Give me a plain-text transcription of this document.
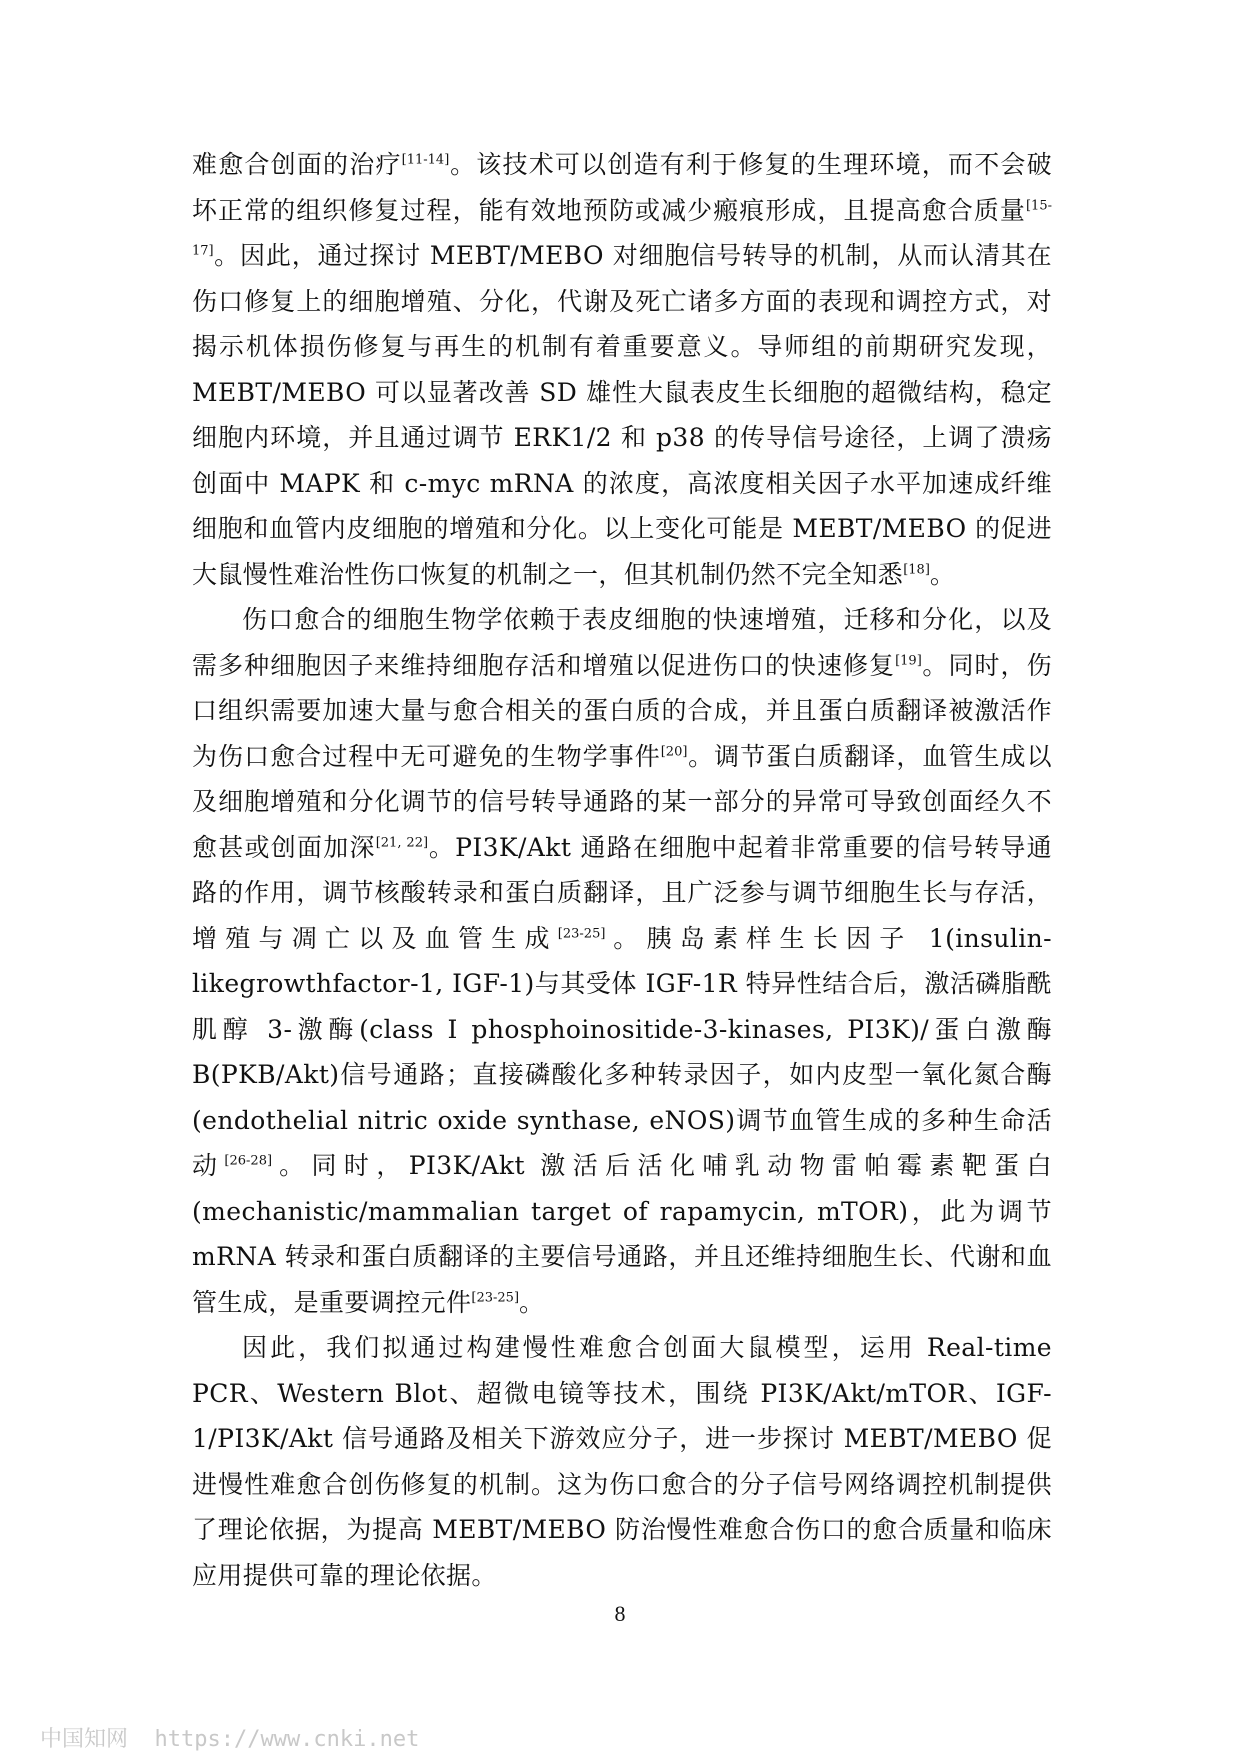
难愈合创面的治疗[11-14]。该技术可以创造有利于修复的生理环境，而不会破坏正常的组织修复过程，能有效地预防或减少瘢痕形成，且提高愈合质量[15-17]。因此，通过探讨 MEBT/MEBO 对细胞信号转导的机制，从而认清其在伤口修复上的细胞增殖、分化，代谢及死亡诸多方面的表现和调控方式，对揭示机体损伤修复与再生的机制有着重要意义。导师组的前期研究发现，MEBT/MEBO 可以显著改善 SD 雄性大鼠表皮生长细胞的超微结构，稳定细胞内环境，并且通过调节 ERK1/2 和 p38 的传导信号途径，上调了溃疡创面中 MAPK 和 c-myc mRNA 的浓度，高浓度相关因子水平加速成纤维细胞和血管内皮细胞的增殖和分化。以上变化可能是 MEBT/MEBO 的促进大鼠慢性难治性伤口恢复的机制之一，但其机制仍然不完全知悉[18]。

伤口愈合的细胞生物学依赖于表皮细胞的快速增殖，迁移和分化，以及需多种细胞因子来维持细胞存活和增殖以促进伤口的快速修复[19]。同时，伤口组织需要加速大量与愈合相关的蛋白质的合成，并且蛋白质翻译被激活作为伤口愈合过程中无可避免的生物学事件[20]。调节蛋白质翻译，血管生成以及细胞增殖和分化调节的信号转导通路的某一部分的异常可导致创面经久不愈甚或创面加深[21, 22]。PI3K/Akt 通路在细胞中起着非常重要的信号转导通路的作用，调节核酸转录和蛋白质翻译，且广泛参与调节细胞生长与存活，增殖与凋亡以及血管生成[23-25]。胰岛素样生长因子 1(insulin-likegrowthfactor-1, IGF-1)与其受体 IGF-1R 特异性结合后，激活磷脂酰肌醇 3-激酶(class I phosphoinositide-3-kinases, PI3K)/蛋白激酶 B(PKB/Akt)信号通路；直接磷酸化多种转录因子，如内皮型一氧化氮合酶(endothelial nitric oxide synthase, eNOS)调节血管生成的多种生命活动[26-28]。同时，PI3K/Akt 激活后活化哺乳动物雷帕霉素靶蛋白 (mechanistic/mammalian target of rapamycin, mTOR)，此为调节 mRNA 转录和蛋白质翻译的主要信号通路，并且还维持细胞生长、代谢和血管生成，是重要调控元件[23-25]。

因此，我们拟通过构建慢性难愈合创面大鼠模型，运用 Real-time PCR、Western Blot、超微电镜等技术，围绕 PI3K/Akt/mTOR、IGF-1/PI3K/Akt 信号通路及相关下游效应分子，进一步探讨 MEBT/MEBO 促进慢性难愈合创伤修复的机制。这为伤口愈合的分子信号网络调控机制提供了理论依据，为提高 MEBT/MEBO 防治慢性难愈合伤口的愈合质量和临床应用提供可靠的理论依据。

8
中国知网  https://www.cnki.net
